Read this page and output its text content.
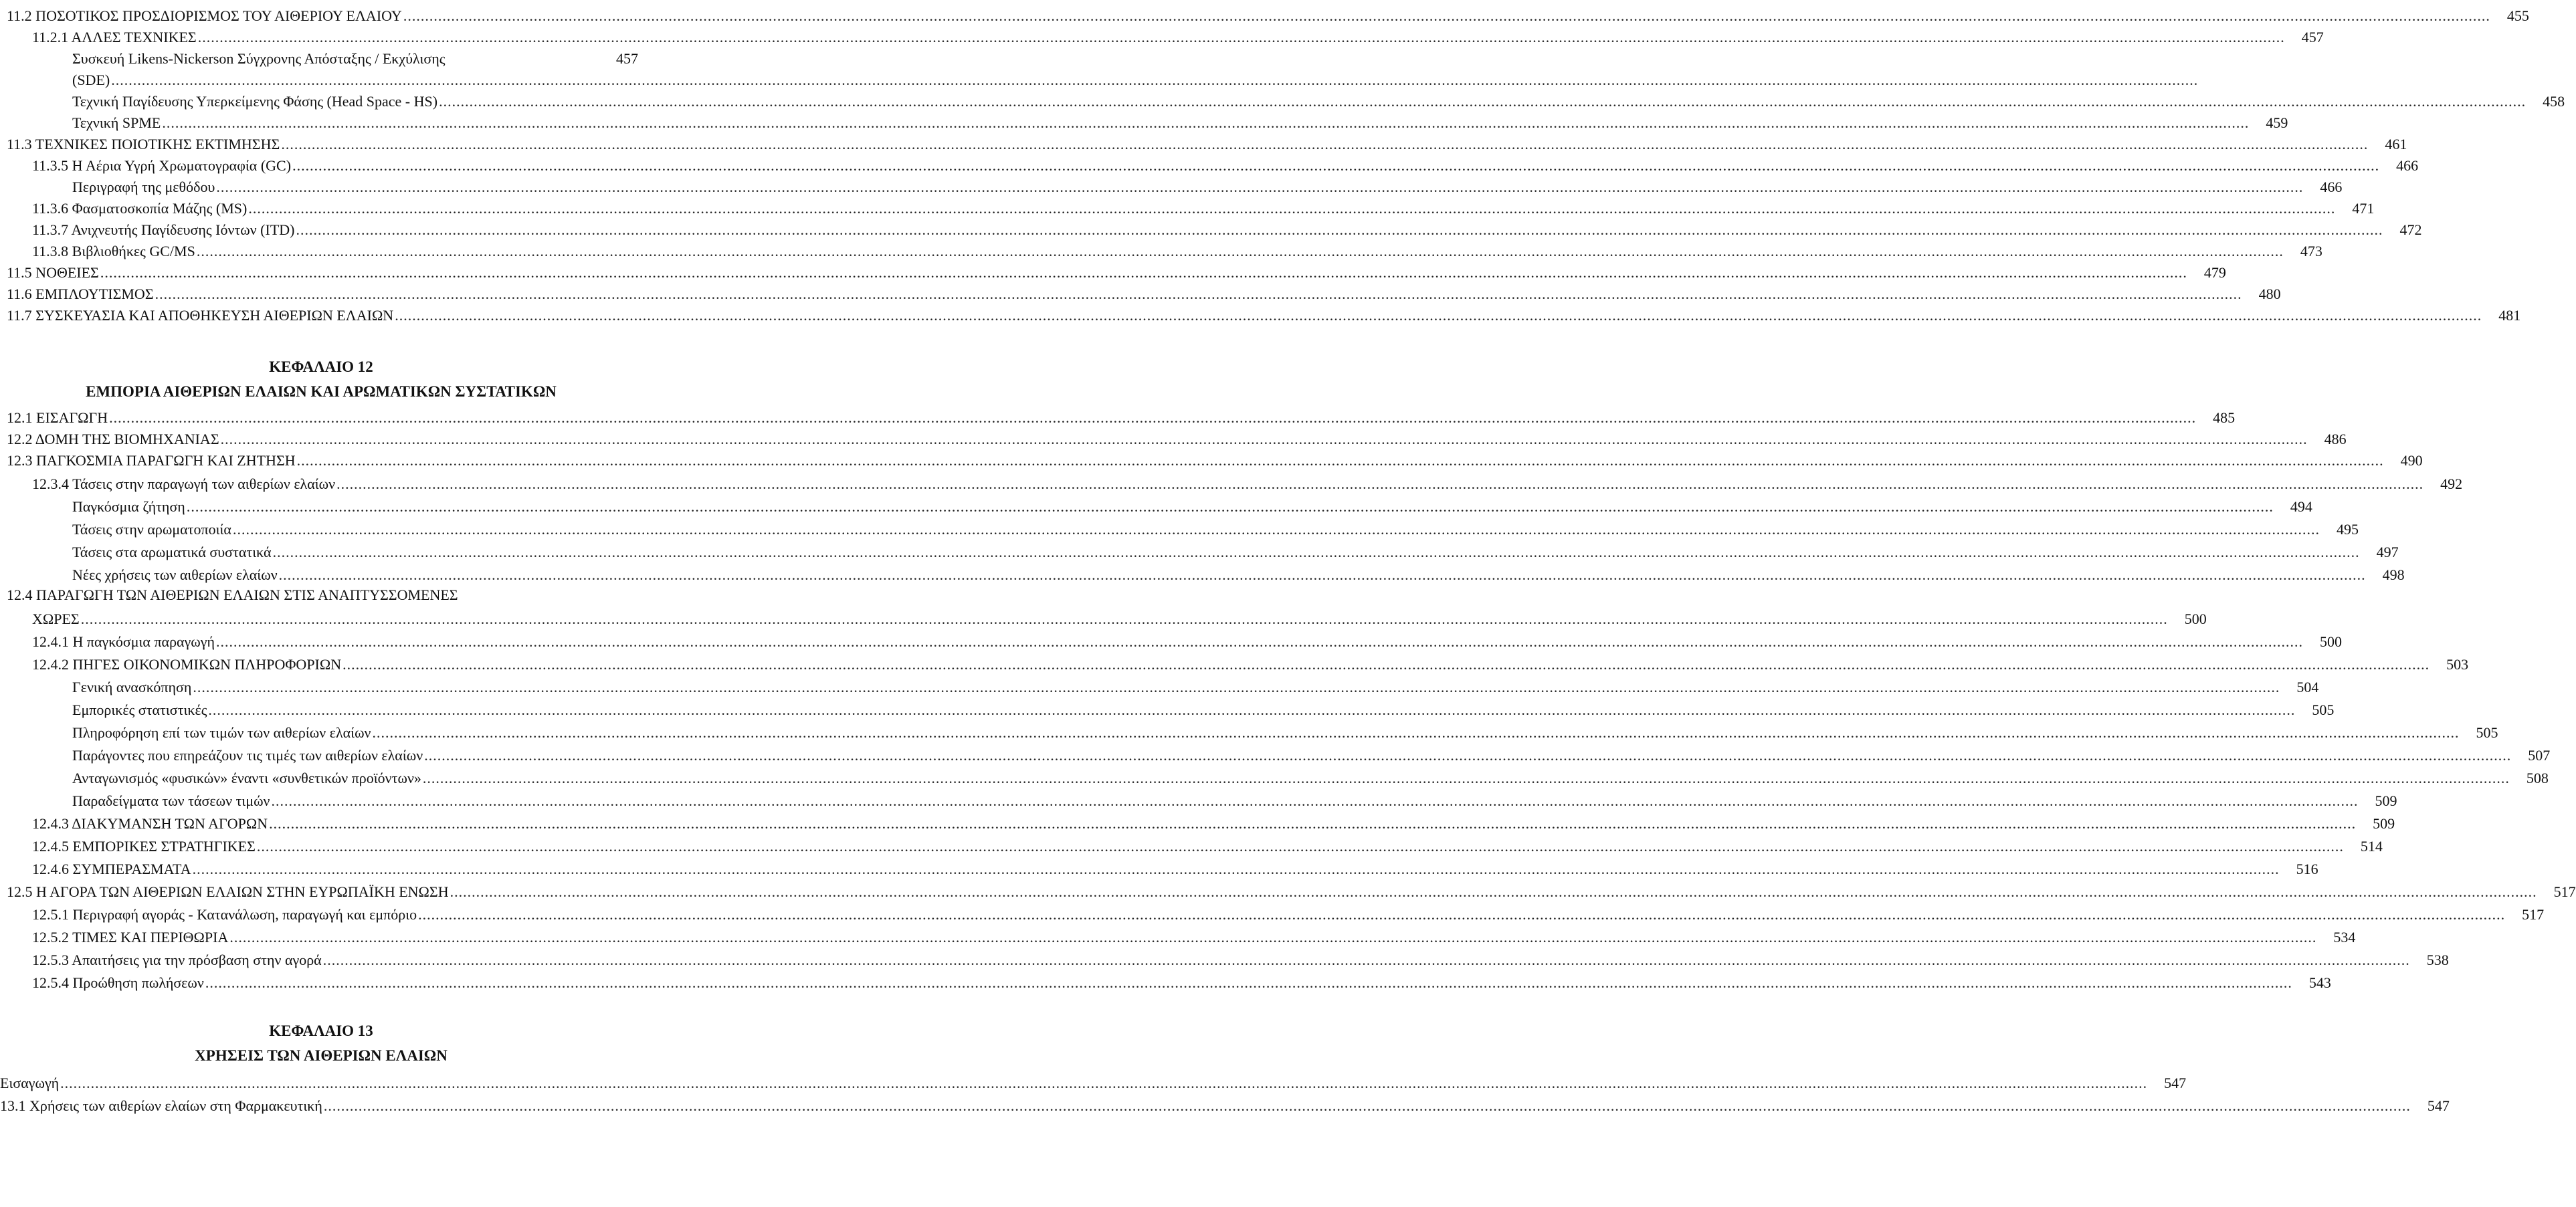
11.2 ΠΟΣΟΤΙΚΟΣ ΠΡΟΣΔΙΟΡΙΣΜΟΣ ΤΟΥ ΑΙΘΕΡΙΟΥ ΕΛΑΙΟΥ .....	455
11.2.1 ΑΛΛΕΣ ΤΕΧΝΙΚΕΣ .....	457
Συσκευή Likens-Nickerson Σύγχρονης Απόσταξης / Εκχύλισης	457
(SDE)
.....
Τεχνική Παγίδευσης Υπερκείμενης Φάσης (Head Space - HS) .....	458
Τεχνική SPME .....	459
11.3 ΤΕΧΝΙΚΕΣ ΠΟΙΟΤΙΚΗΣ ΕΚΤΙΜΗΣΗΣ .....	461
11.3.5 Η Αέρια Υγρή Χρωματογραφία (GC) .....	466
Περιγραφή της μεθόδου .....	466
11.3.6 Φασματοσκοπία Μάζης (MS) .....	471
11.3.7 Ανιχνευτής Παγίδευσης Ιόντων (ITD) .....	472
11.3.8 Βιβλιοθήκες GC/MS .....	473
11.5 ΝΟΘΕΙΕΣ .....	479
11.6 ΕΜΠΛΟΥΤΙΣΜΟΣ .....	480
11.7 ΣΥΣΚΕΥΑΣΙΑ ΚΑΙ ΑΠΟΘΗΚΕΥΣΗ ΑΙΘΕΡΙΩΝ ΕΛΑΙΩΝ .....	481
ΚΕΦΑΛΑΙΟ 12
ΕΜΠΟΡΙΑ ΑΙΘΕΡΙΩΝ ΕΛΑΙΩΝ ΚΑΙ ΑΡΩΜΑΤΙΚΩΝ ΣΥΣΤΑΤΙΚΩΝ
12.1 ΕΙΣΑΓΩΓΗ .....	485
12.2 ΔΟΜΗ ΤΗΣ ΒΙΟΜΗΧΑΝΙΑΣ .....	486
12.3 ΠΑΓΚΟΣΜΙΑ ΠΑΡΑΓΩΓΗ ΚΑΙ ΖΗΤΗΣΗ .....	490
12.3.4 Τάσεις στην παραγωγή των αιθερίων ελαίων .....	492
Παγκόσμια ζήτηση .....	494
Τάσεις στην αρωματοποιία .....	495
Τάσεις στα αρωματικά συστατικά .....	497
Νέες χρήσεις των αιθερίων ελαίων .....	498
12.4 ΠΑΡΑΓΩΓΗ ΤΩΝ ΑΙΘΕΡΙΩΝ ΕΛΑΙΩΝ ΣΤΙΣ ΑΝΑΠΤΥΣΣΟΜΕΝΕΣ
ΧΩΡΕΣ .....	500
12.4.1 Η παγκόσμια παραγωγή .....	500
12.4.2 ΠΗΓΕΣ ΟΙΚΟΝΟΜΙΚΩΝ ΠΛΗΡΟΦΟΡΙΩΝ .....	503
Γενική ανασκόπηση .....	504
Εμπορικές στατιστικές .....	505
Πληροφόρηση επί των τιμών των αιθερίων ελαίων .....	505
Παράγοντες που επηρεάζουν τις τιμές των αιθερίων ελαίων .....	507
Ανταγωνισμός «φυσικών» έναντι «συνθετικών προϊόντων» .....	508
Παραδείγματα των τάσεων τιμών .....	509
12.4.3 ΔΙΑΚΥΜΑΝΣΗ ΤΩΝ ΑΓΟΡΩΝ .....	509
12.4.5 ΕΜΠΟΡΙΚΕΣ ΣΤΡΑΤΗΓΙΚΕΣ .....	514
12.4.6 ΣΥΜΠΕΡΑΣΜΑΤΑ .....	516
12.5 Η ΑΓΟΡΑ ΤΩΝ ΑΙΘΕΡΙΩΝ ΕΛΑΙΩΝ ΣΤΗΝ ΕΥΡΩΠΑΪΚΗ ΕΝΩΣΗ .....	517
12.5.1 Περιγραφή αγοράς - Κατανάλωση, παραγωγή και εμπόριο .....	517
12.5.2 ΤΙΜΕΣ ΚΑΙ ΠΕΡΙΘΩΡΙΑ .....	534
12.5.3 Απαιτήσεις για την πρόσβαση στην αγορά .....	538
12.5.4 Προώθηση πωλήσεων .....	543
ΚΕΦΑΛΑΙΟ 13
ΧΡΗΣΕΙΣ ΤΩΝ ΑΙΘΕΡΙΩΝ ΕΛΑΙΩΝ
Εισαγωγή .....	547
13.1 Χρήσεις των αιθερίων ελαίων στη Φαρμακευτική .....	547
